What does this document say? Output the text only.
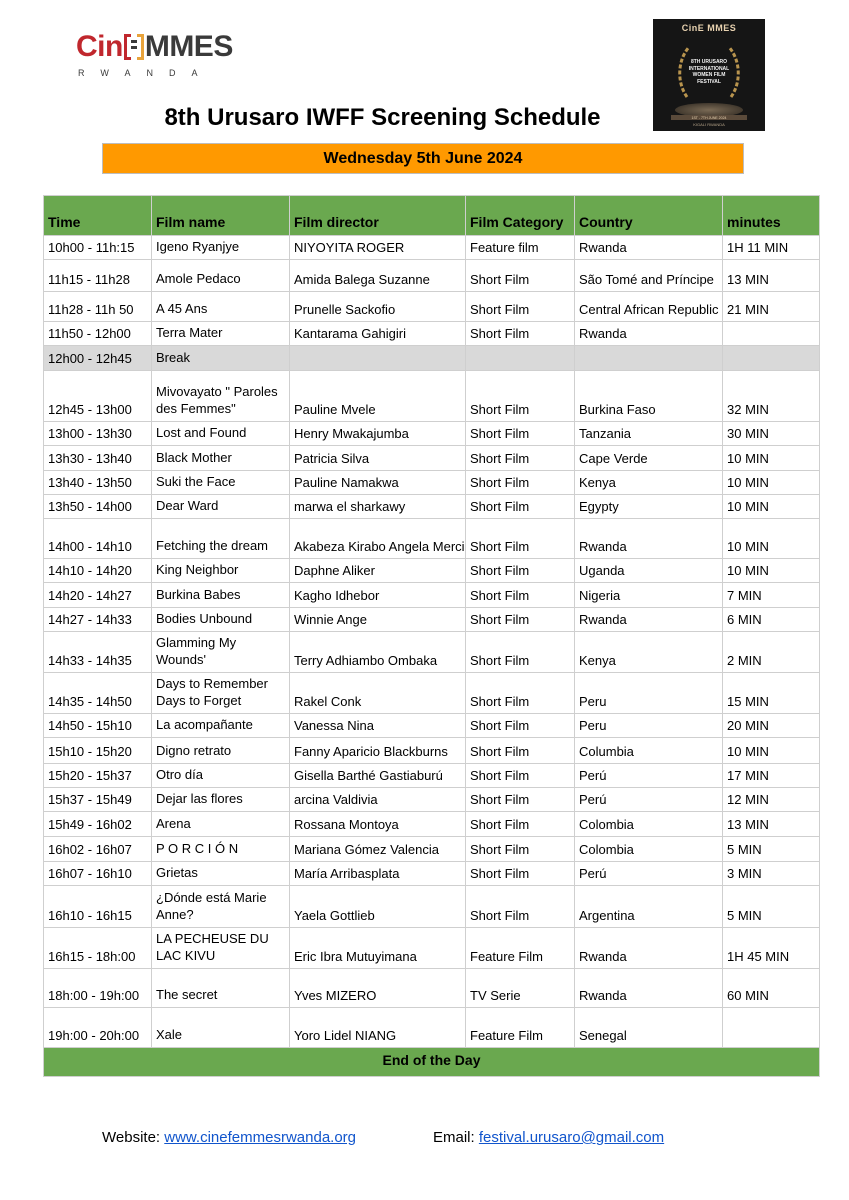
Cin MMES
RWANDA
CinE MMES
8TH URUSARO
INTERNATIONAL
WOMEN FILM
FESTIVAL
1ST - 7TH JUNE 2024
KIGALI RWANDA
8th Urusaro IWFF Screening Schedule
Wednesday 5th June 2024
Time	Film name	Film director	Film Category	Country	minutes
10h00 - 11h:15	Igeno Ryanjye	NIYOYITA ROGER	Feature film	Rwanda	1H 11 MIN
11h15 - 11h28	Amole Pedaco	Amida Balega Suzanne	Short Film	São Tomé and Príncipe	13 MIN
11h28 - 11h 50	A 45 Ans	Prunelle Sackofio	Short Film	Central African Republic	21 MIN
11h50 - 12h00	Terra Mater	Kantarama Gahigiri	Short Film	Rwanda	
12h00 - 12h45	Break				
12h45 - 13h00	Mivovayato " Paroles des Femmes"	Pauline Mvele	Short Film	Burkina Faso	32 MIN
13h00 - 13h30	Lost and Found	Henry Mwakajumba	Short Film	Tanzania	30 MIN
13h30 - 13h40	Black Mother	Patricia Silva	Short Film	Cape Verde	10 MIN
13h40 - 13h50	Suki the Face	Pauline Namakwa	Short Film	Kenya	10 MIN
13h50 - 14h00	Dear Ward	marwa el sharkawy	Short Film	Egypty	10 MIN
14h00 - 14h10	Fetching the dream	Akabeza Kirabo Angela Merci	Short Film	Rwanda	10 MIN
14h10 - 14h20	King Neighbor	Daphne Aliker	Short Film	Uganda	10 MIN
14h20 - 14h27	Burkina Babes	Kagho Idhebor	Short Film	Nigeria	7 MIN
14h27 - 14h33	Bodies Unbound	Winnie Ange	Short Film	Rwanda	6 MIN
14h33 - 14h35	Glamming My Wounds'	Terry Adhiambo Ombaka	Short Film	Kenya	2 MIN
14h35 - 14h50	Days to Remember Days to Forget	Rakel Conk	Short Film	Peru	15 MIN
14h50 - 15h10	La acompañante	Vanessa Nina	Short Film	Peru	20 MIN
15h10 - 15h20	Digno retrato	Fanny Aparicio Blackburns	Short Film	Columbia	10 MIN
15h20 - 15h37	Otro día	Gisella Barthé Gastiaburú	Short Film	Perú	17 MIN
15h37 - 15h49	Dejar las flores	arcina Valdivia	Short Film	Perú	12 MIN
15h49 - 16h02	Arena	Rossana Montoya	Short Film	Colombia	13 MIN
16h02 - 16h07	P O R C I Ó N	Mariana Gómez Valencia	Short Film	Colombia	5 MIN
16h07 - 16h10	Grietas	María Arribasplata	Short Film	Perú	3 MIN
16h10 - 16h15	¿Dónde está Marie Anne?	Yaela Gottlieb	Short Film	Argentina	5 MIN
16h15 - 18h:00	LA PECHEUSE DU LAC KIVU	Eric Ibra Mutuyimana	Feature Film	Rwanda	1H 45 MIN
18h:00 - 19h:00	The secret	Yves MIZERO	TV Serie	Rwanda	60 MIN
19h:00 - 20h:00	Xale	Yoro Lidel NIANG	Feature Film	Senegal	
End of the Day					
Website: www.cinefemmesrwanda.org	Email: festival.urusaro@gmail.com
